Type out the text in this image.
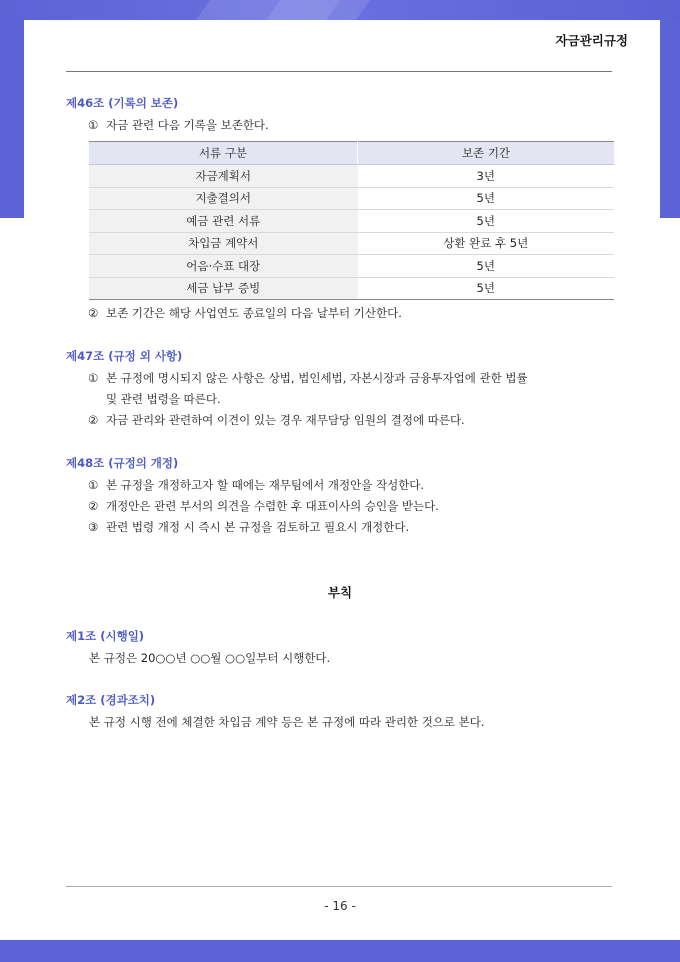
자금관리규정
제46조 (기록의 보존)
① 자금 관련 다음 기록을 보존한다.
서류 구분	보존 기간
자금계획서	3년
지출결의서	5년
예금 관련 서류	5년
차입금 계약서	상환 완료 후 5년
어음·수표 대장	5년
세금 납부 증빙	5년
② 보존 기간은 해당 사업연도 종료일의 다음 날부터 기산한다.
제47조 (규정 외 사항)
① 본 규정에 명시되지 않은 사항은 상법, 법인세법, 자본시장과 금융투자업에 관한 법률
및 관련 법령을 따른다.
② 자금 관리와 관련하여 이견이 있는 경우 재무담당 임원의 결정에 따른다.
제48조 (규정의 개정)
① 본 규정을 개정하고자 할 때에는 재무팀에서 개정안을 작성한다.
② 개정안은 관련 부서의 의견을 수렴한 후 대표이사의 승인을 받는다.
③ 관련 법령 개정 시 즉시 본 규정을 검토하고 필요시 개정한다.
부칙
제1조 (시행일)
본 규정은 20○○년 ○○월 ○○일부터 시행한다.
제2조 (경과조치)
본 규정 시행 전에 체결한 차입금 계약 등은 본 규정에 따라 관리한 것으로 본다.
- 16 -
